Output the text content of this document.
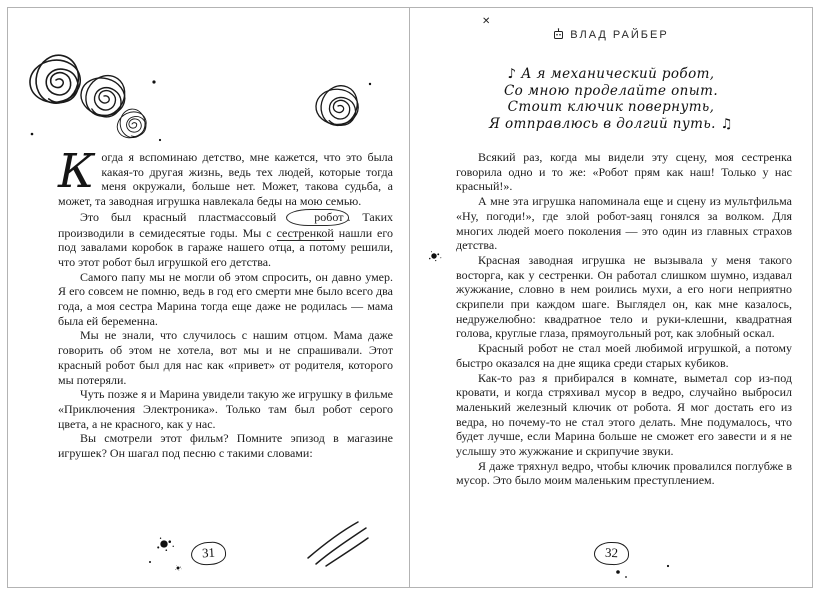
Когда я вспоминаю детство, мне кажется, что это была какая-то другая жизнь, ведь тех людей, которые тогда меня окружали, больше нет. Может, такова судьба, а может, та заводная игрушка навлекала беды на мою семью.

Это был красный пластмассовый робот . Таких производили в семидесятые годы. Мы с сестренкой нашли его под завалами коробок в гараже нашего отца, а потому решили, что этот робот был игрушкой его детства.

Самого папу мы не могли об этом спросить, он давно умер. Я его совсем не помню, ведь в год его смерти мне было всего два года, а моя сестра Марина тогда еще даже не родилась — мама была ей беременна.

Мы не знали, что случилось с нашим отцом. Мама даже говорить об этом не хотела, вот мы и не спрашивали. Этот красный робот был для нас как «привет» от родителя, которого мы потеряли.

Чуть позже я и Марина увидели такую же игрушку в фильме «Приключения Электроника». Только там был робот серого цвета, а не красного, как у нас.

Вы смотрели этот фильм? Помните эпизод в магазине игрушек? Он шагал под песню с такими словами:

31
✕
ВЛАД РАЙБЕР
♪ А я механический робот,
Со мною проделайте опыт.
Стоит ключик повернуть,
Я отправлюсь в долгий путь. ♫

Всякий раз, когда мы видели эту сцену, моя сестренка говорила одно и то же: «Робот прям как наш! Только у нас красный!».

А мне эта игрушка напоминала еще и сцену из мультфильма «Ну, погоди!», где злой робот-заяц гонялся за волком. Для многих людей моего поколения — это один из главных страхов детства.

Красная заводная игрушка не вызывала у меня такого восторга, как у сестренки. Он работал слишком шумно, издавал жужжание, словно в нем роились мухи, а его ноги неприятно скрипели при каждом шаге. Выглядел он, как мне казалось, недружелюбно: квадратное тело и руки-клешни, квадратная голова, круглые глаза, прямоугольный рот, как злобный оскал.

Красный робот не стал моей любимой игрушкой, а потому быстро оказался на дне ящика среди старых кубиков.

Как-то раз я прибирался в комнате, выметал сор из-под кровати, и когда стряхивал мусор в ведро, случайно выбросил маленький железный ключик от робота. Я мог достать его из ведра, но почему-то не стал этого делать. Мне подумалось, что будет лучше, если Марина больше не сможет его завести и я не услышу это жужжание и скрипучие звуки.

Я даже тряхнул ведро, чтобы ключик провалился поглубже в мусор. Это было моим маленьким преступлением.

32
